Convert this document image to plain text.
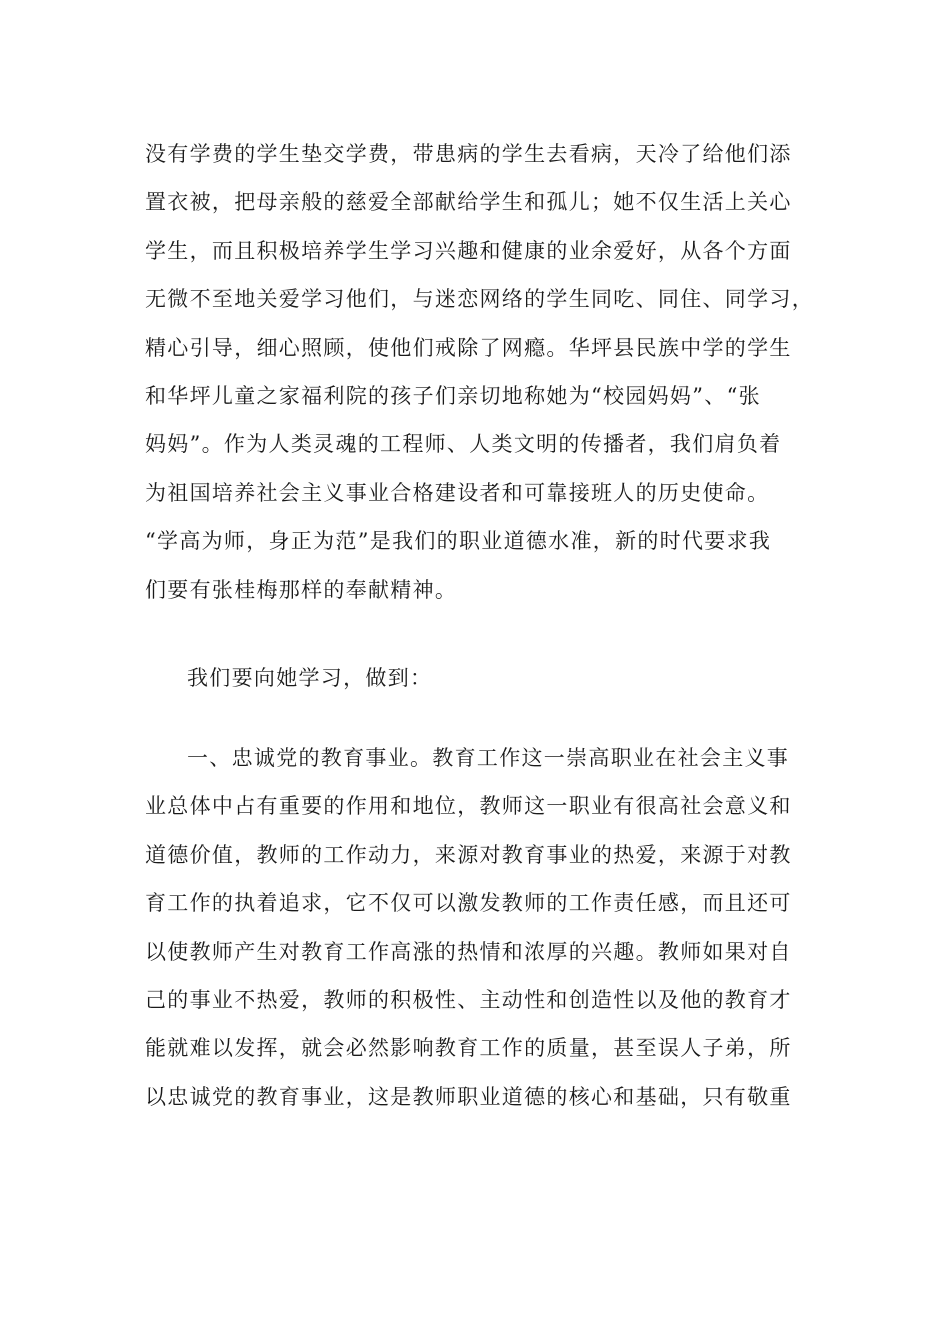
没有学费的学生垫交学费，带患病的学生去看病，天冷了给他们添
置衣被，把母亲般的慈爱全部献给学生和孤儿；她不仅生活上关心
学生，而且积极培养学生学习兴趣和健康的业余爱好，从各个方面
无微不至地关爱学习他们，与迷恋网络的学生同吃、同住、同学习，
精心引导，细心照顾，使他们戒除了网瘾。华坪县民族中学的学生
和华坪儿童之家福利院的孩子们亲切地称她为“校园妈妈”、“张
妈妈”。作为人类灵魂的工程师、人类文明的传播者，我们肩负着
为祖国培养社会主义事业合格建设者和可靠接班人的历史使命。
“学高为师，身正为范”是我们的职业道德水准，新的时代要求我
们要有张桂梅那样的奉献精神。
我们要向她学习，做到：
一、忠诚党的教育事业。教育工作这一崇高职业在社会主义事
业总体中占有重要的作用和地位，教师这一职业有很高社会意义和
道德价值，教师的工作动力，来源对教育事业的热爱，来源于对教
育工作的执着追求，它不仅可以激发教师的工作责任感，而且还可
以使教师产生对教育工作高涨的热情和浓厚的兴趣。教师如果对自
己的事业不热爱，教师的积极性、主动性和创造性以及他的教育才
能就难以发挥，就会必然影响教育工作的质量，甚至误人子弟，所
以忠诚党的教育事业，这是教师职业道德的核心和基础，只有敬重
